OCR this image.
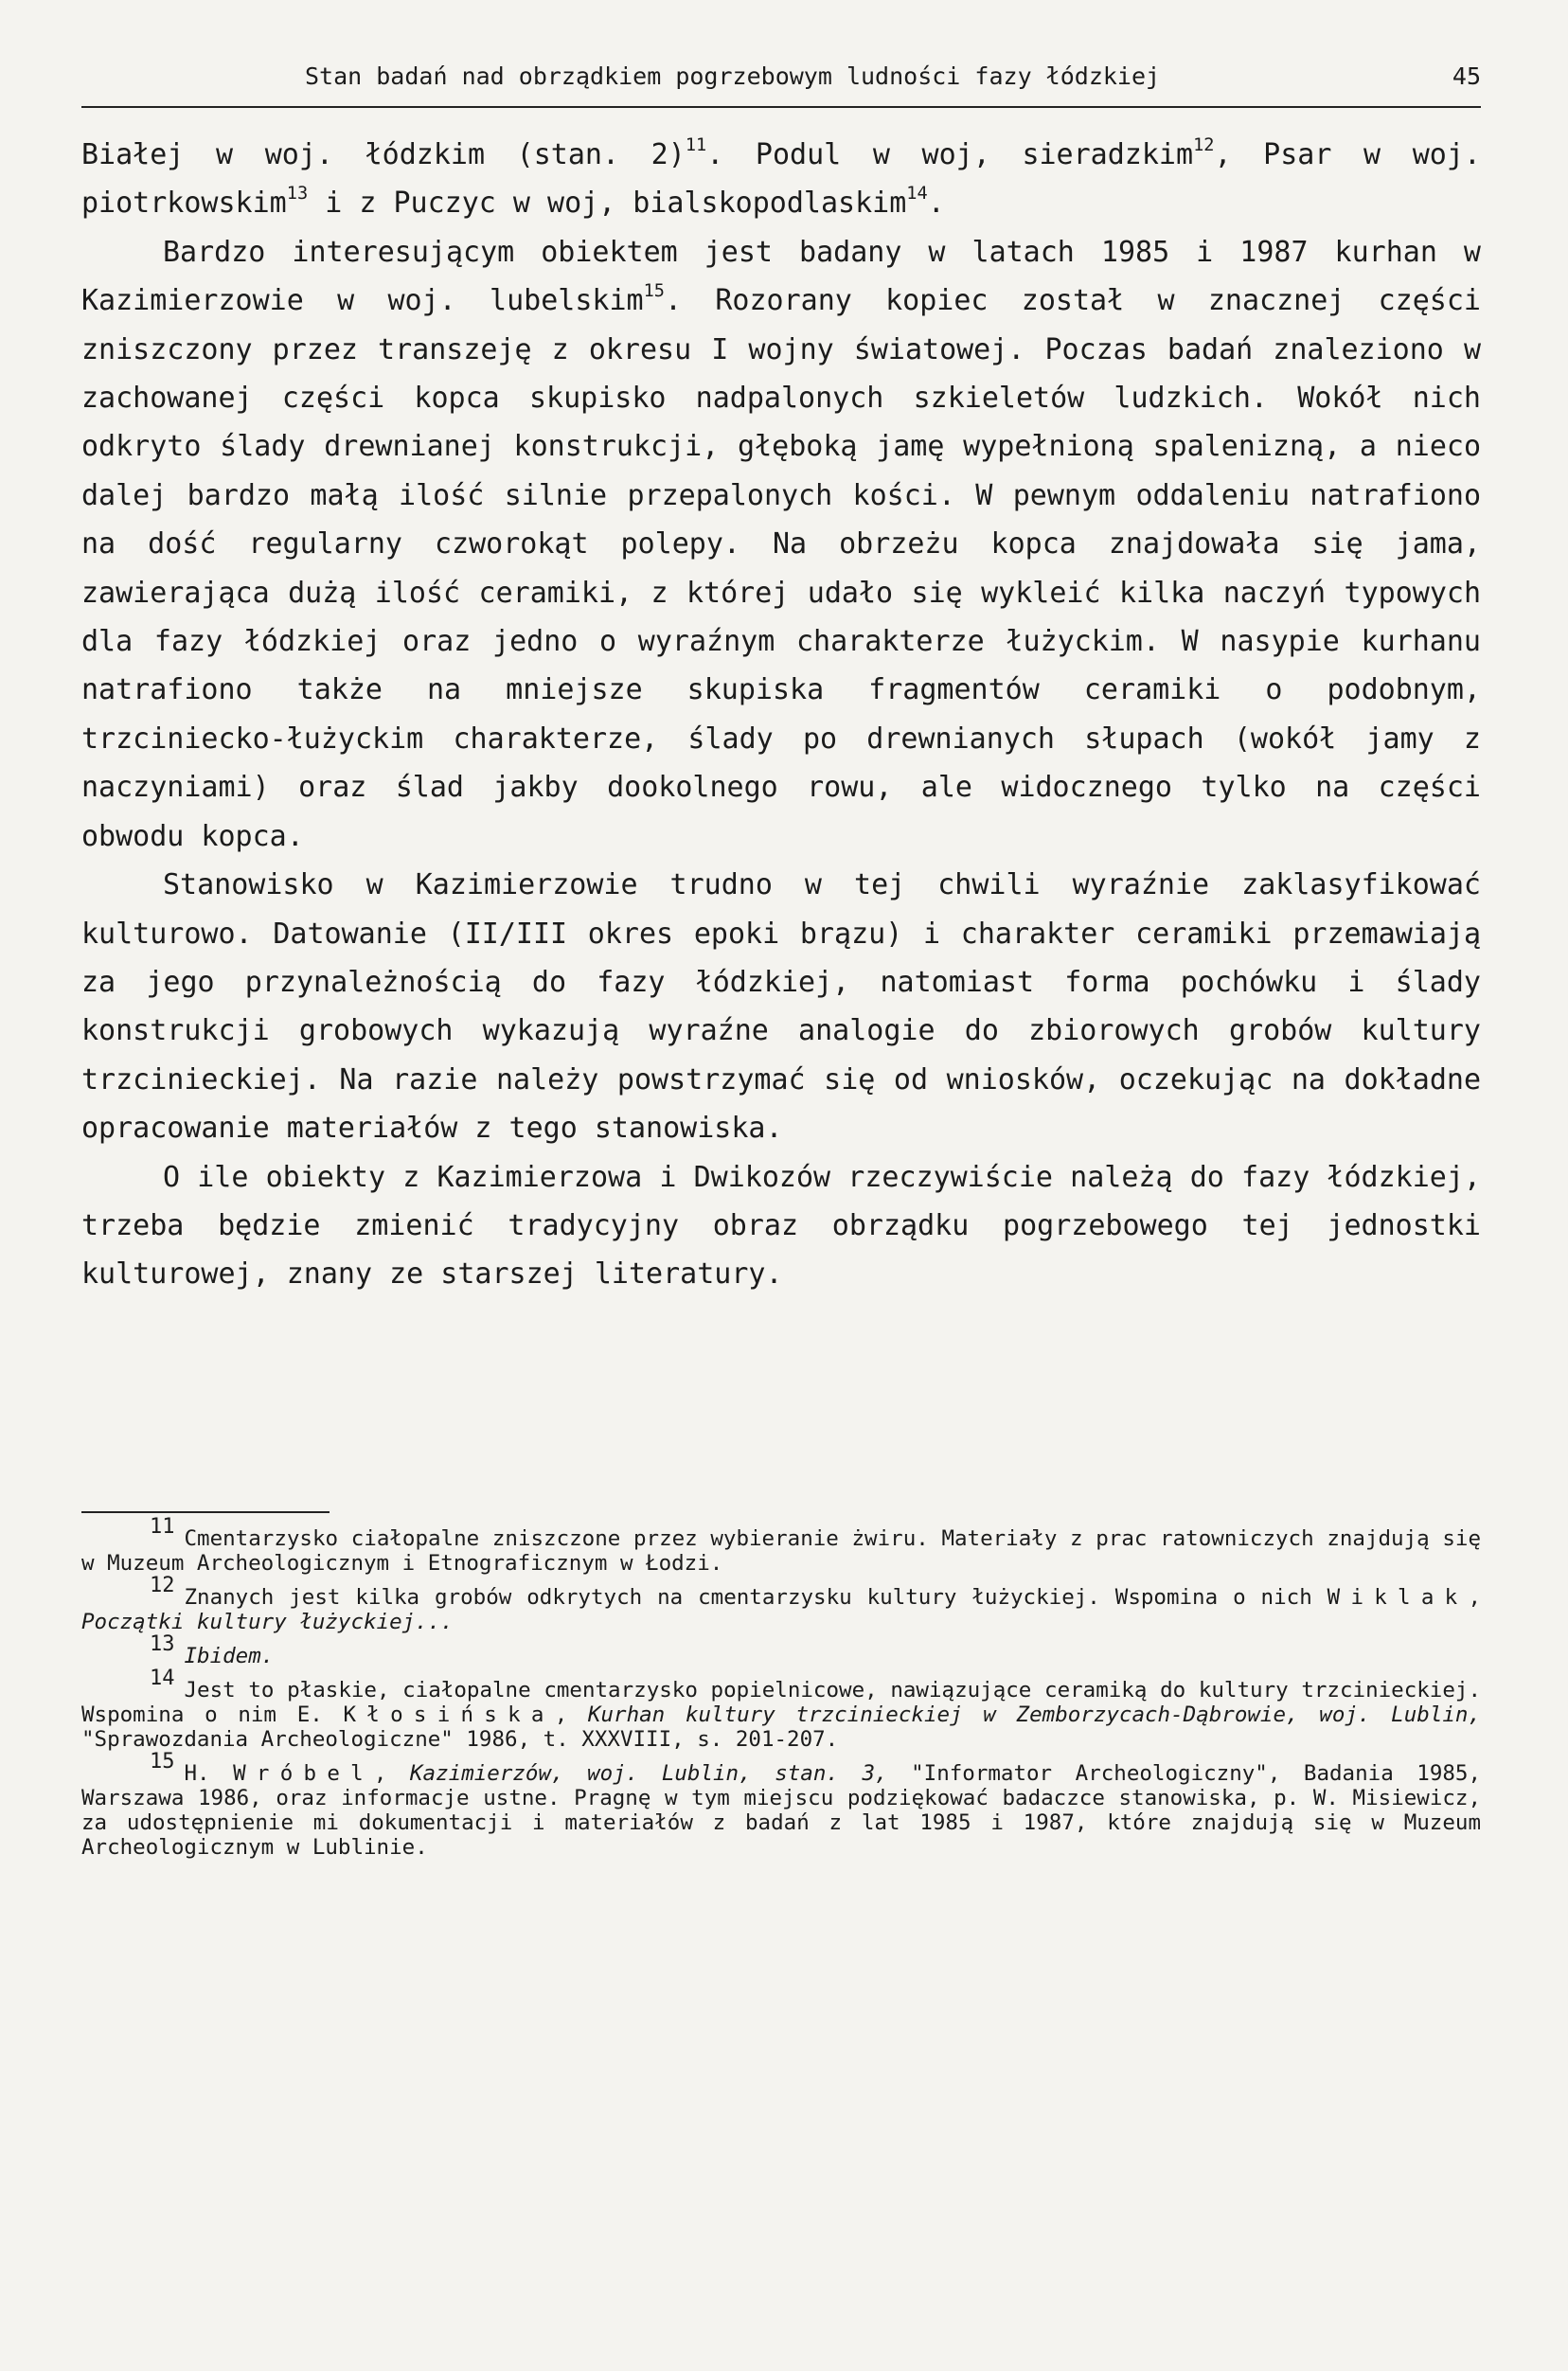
Stan badań nad obrządkiem pogrzebowym ludności fazy łódzkiej	45

Białej w woj. łódzkim (stan. 2)$^{11}$. Podul w woj, sieradzkim$^{12}$, Psar w woj. piotrkowskim$^{13}$ i z Puczyc w woj, bialskopodlaskim$^{14}$.

Bardzo interesującym obiektem jest badany w latach 1985 i 1987 kurhan w Kazimierzowie w woj. lubelskim$^{15}$. Rozorany kopiec został w znacznej części zniszczony przez transzeję z okresu I wojny światowej. Poczas badań znaleziono w zachowanej części kopca skupisko nadpalonych szkieletów ludzkich. Wokół nich odkryto ślady drewnianej konstrukcji, głęboką jamę wypełnioną spalenizną, a nieco dalej bardzo małą ilość silnie przepalonych kości. W pewnym oddaleniu natrafiono na dość regularny czworokąt polepy. Na obrzeżu kopca znajdowała się jama, zawierająca dużą ilość ceramiki, z której udało się wykleić kilka naczyń typowych dla fazy łódzkiej oraz jedno o wyraźnym charakterze łużyckim. W nasypie kurhanu natrafiono także na mniejsze skupiska fragmentów ceramiki o podobnym, trzciniecko-łużyckim charakterze, ślady po drewnianych słupach (wokół jamy z naczyniami) oraz ślad jakby dookolnego rowu, ale widocznego tylko na części obwodu kopca.

Stanowisko w Kazimierzowie trudno w tej chwili wyraźnie zaklasyfikować kulturowo. Datowanie (II/III okres epoki brązu) i charakter ceramiki przemawiają za jego przynależnością do fazy łódzkiej, natomiast forma pochówku i ślady konstrukcji grobowych wykazują wyraźne analogie do zbiorowych grobów kultury trzcinieckiej. Na razie należy powstrzymać się od wniosków, oczekując na dokładne opracowanie materiałów z tego stanowiska.

O ile obiekty z Kazimierzowa i Dwikozów rzeczywiście należą do fazy łódzkiej, trzeba będzie zmienić tradycyjny obraz obrządku pogrzebowego tej jednostki kulturowej, znany ze starszej literatury.

11 Cmentarzysko ciałopalne zniszczone przez wybieranie żwiru. Materiały z prac ratowniczych znajdują się w Muzeum Archeologicznym i Etnograficznym w Łodzi.

12 Znanych jest kilka grobów odkrytych na cmentarzysku kultury łużyckiej. Wspomina o nich Wiklak, Początki kultury łużyckiej...

13 Ibidem.

14 Jest to płaskie, ciałopalne cmentarzysko popielnicowe, nawiązujące ceramiką do kultury trzcinieckiej. Wspomina o nim E. Kłosińska, Kurhan kultury trzcinieckiej w Zemborzycach-Dąbrowie, woj. Lublin, "Sprawozdania Archeologiczne" 1986, t. XXXVIII, s. 201-207.

15 H. Wróbel, Kazimierzów, woj. Lublin, stan. 3, "Informator Archeologiczny", Badania 1985, Warszawa 1986, oraz informacje ustne. Pragnę w tym miejscu podziękować badaczce stanowiska, p. W. Misiewicz, za udostępnienie mi dokumentacji i materiałów z badań z lat 1985 i 1987, które znajdują się w Muzeum Archeologicznym w Lublinie.
